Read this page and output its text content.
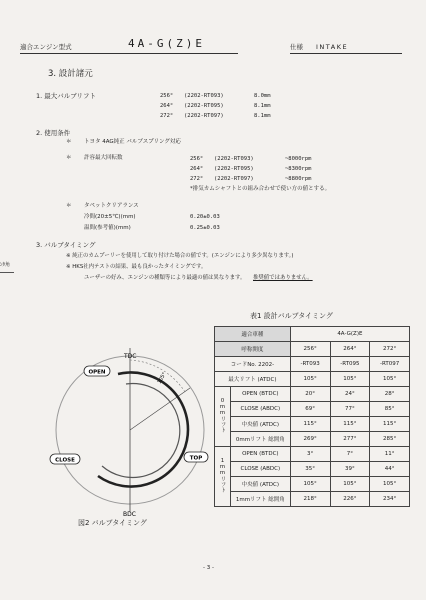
適合エンジン型式	4A-G(Z)E	仕様 INTAKE
3. 設計諸元
1. 最大バルブリフト	256° (2202-RT093)	8.0mm
264° (2202-RT095)	8.1mm
272° (2202-RT097)	8.1mm
2. 使用条件
＊ トヨタ 4AG純正 バルブスプリング対応
＊ 許容最大回転数	256° (2202-RT093)	~8000rpm
264° (2202-RT095)	~8300rpm
272° (2202-RT097)	~8800rpm
*排気カムシャフトとの組み合わせで使い方の値とする。
＊ タペットクリアランス
冷間(20±5℃)(mm)	0.20±0.03
温間(参考値)(mm)	0.25±0.03
3. バルブタイミング
※ 純正のカムプーリーを使用して取り付けた場合の値です。(エンジンにより多少異なります。)
※ HKS社内テストの結果、最も良かったタイミングです。
ユーザーの好み、エンジンの種類等により最適の値は異なります。 推奨値ではありません。
ﾝﾀ角
表1 設計バルブタイミング
適合車種		4A-G(Z)E		
呼称開度		256°	264°	272°
コードNo. 2202-		-RT093	-RT095	-RT097
最大リフト (ATDC)		105°	105°	105°
0mmリフト	OPEN (BTDC)	20°	24°	28°
	CLOSE (ABDC)	69°	77°	85°
	中央値 (ATDC)	115°	115°	115°
	0mmリフト 総開角	269°	277°	285°
1mmリフト	OPEN (BTDC)	3°	7°	11°
	CLOSE (ABDC)	35°	39°	44°
	中央値 (ATDC)	105°	105°	105°
	1mmリフト 総開角	218°	226°	234°
TDC
BDC
105°
OPEN
CLOSE	TOP
図2 バルブタイミング
- 3 -
